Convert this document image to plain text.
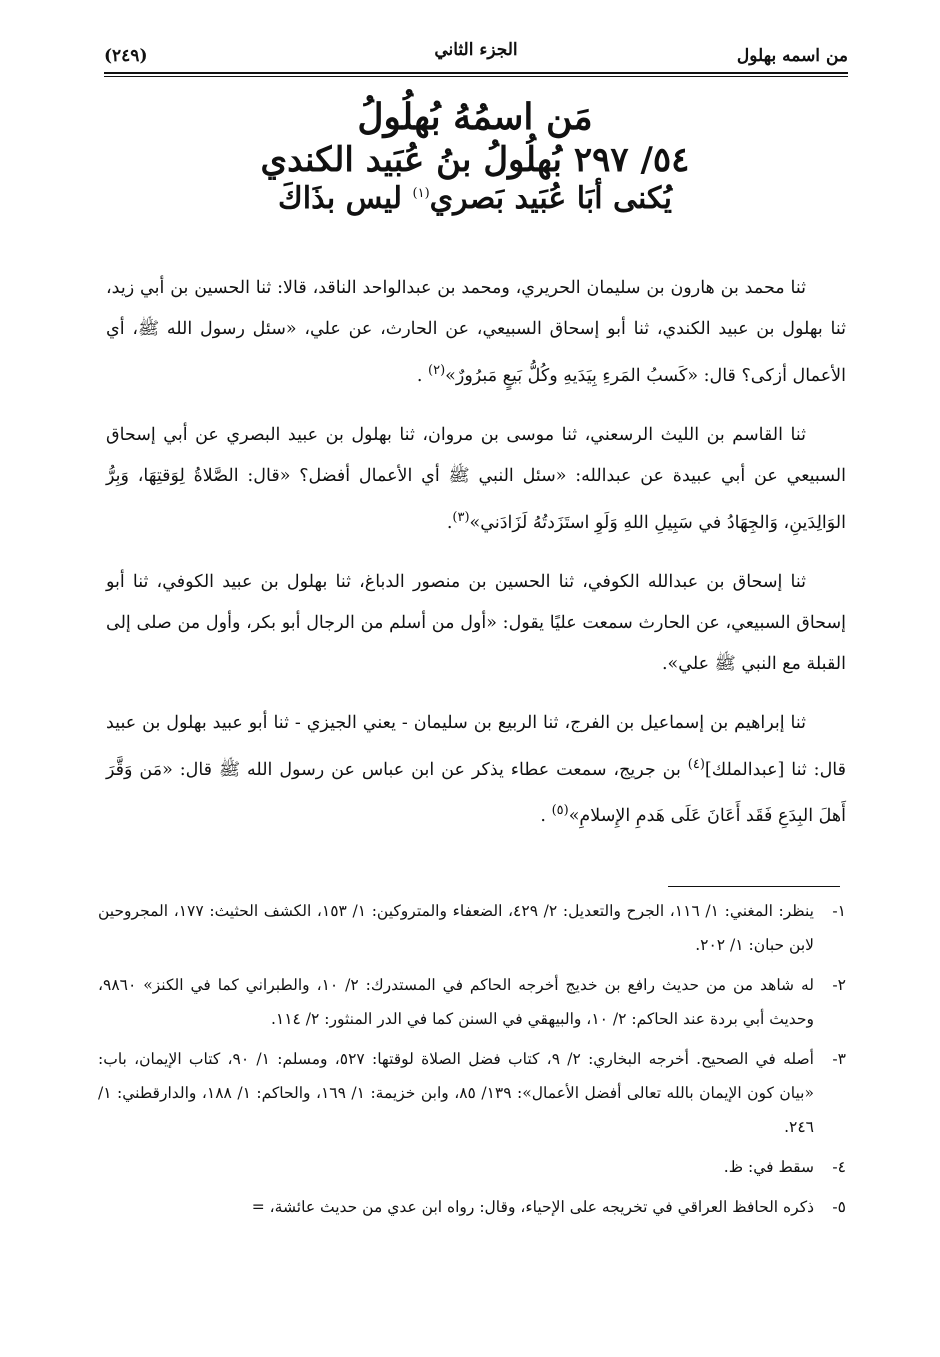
من اسمه بهلول
الجزء الثاني
(٢٤٩)
مَن اسمُهُ بُهلُولُ
٥٤/ ٢٩٧ بُهلُولُ بنُ عُبَيد الكندي
يُكنى أبَا عُبَيد بَصري$^{(١)}$ ليس بذَاكَ

ثنا محمد بن هارون بن سليمان الحريري، ومحمد بن عبدالواحد الناقد، قالا: ثنا الحسين بن أبي زيد، ثنا بهلول بن عبيد الكندي، ثنا أبو إسحاق السبيعي، عن الحارث، عن علي، «سئل رسول الله ﷺ، أي الأعمال أزكى؟ قال: «كَسبُ المَرءِ بِيَدَيهِ وكُلُّ بَيعٍ مَبرُورٌ»$^{(٢)}$ .

ثنا القاسم بن الليث الرسعني، ثنا موسى بن مروان، ثنا بهلول بن عبيد البصري عن أبي إسحاق السبيعي عن أبي عبيدة عن عبدالله: «سئل النبي ﷺ أي الأعمال أفضل؟ «قال: الصَّلاةُ لِوَقتِهَا، وَبِرُّ الوَالِدَينِ، وَالجِهَادُ في سَبِيلِ اللهِ وَلَوِ استَزَدتُهُ لَزَادَني»$^{(٣)}$.

ثنا إسحاق بن عبدالله الكوفي، ثنا الحسين بن منصور الدباغ، ثنا بهلول بن عبيد الكوفي، ثنا أبو إسحاق السبيعي، عن الحارث سمعت عليًا يقول: «أول من أسلم من الرجال أبو بكر، وأول من صلى إلى القبلة مع النبي ﷺ علي».

ثنا إبراهيم بن إسماعيل بن الفرج، ثنا الربيع بن سليمان - يعني الجيزي - ثنا أبو عبيد بهلول بن عبيد قال: ثنا [عبدالملك]$^{(٤)}$ بن جريج، سمعت عطاء يذكر عن ابن عباس عن رسول الله ﷺ قال: «مَن وَقَّرَ أَهلَ البِدَعِ فَقَد أَعَانَ عَلَى هَدمِ الإِسلامِ»$^{(٥)}$ .

١-
ينظر: المغني: ١/ ١١٦، الجرح والتعديل: ٢/ ٤٢٩، الضعفاء والمتروكين: ١/ ١٥٣، الكشف الحثيث: ١٧٧، المجروحين لابن حبان: ١/ ٢٠٢.
٢-
له شاهد من من حديث رافع بن خديج أخرجه الحاكم في المستدرك: ٢/ ١٠، والطبراني كما في الكنز» ٩٨٦٠، وحديث أبي بردة عند الحاكم: ٢/ ١٠، والبيهقي في السنن كما في الدر المنثور: ٢/ ١١٤.
٣-
أصله في الصحيح. أخرجه البخاري: ٢/ ٩، كتاب فضل الصلاة لوقتها: ٥٢٧، ومسلم: ١/ ٩٠، كتاب الإيمان، باب: «بيان كون الإيمان بالله تعالى أفضل الأعمال»: ١٣٩/ ٨٥، وابن خزيمة: ١/ ١٦٩، والحاكم: ١/ ١٨٨، والدارقطني: ١/ ٢٤٦.
٤-
سقط في: ظ.
٥-
ذكره الحافظ العراقي في تخريجه على الإحياء، وقال: رواه ابن عدي من حديث عائشة، =
